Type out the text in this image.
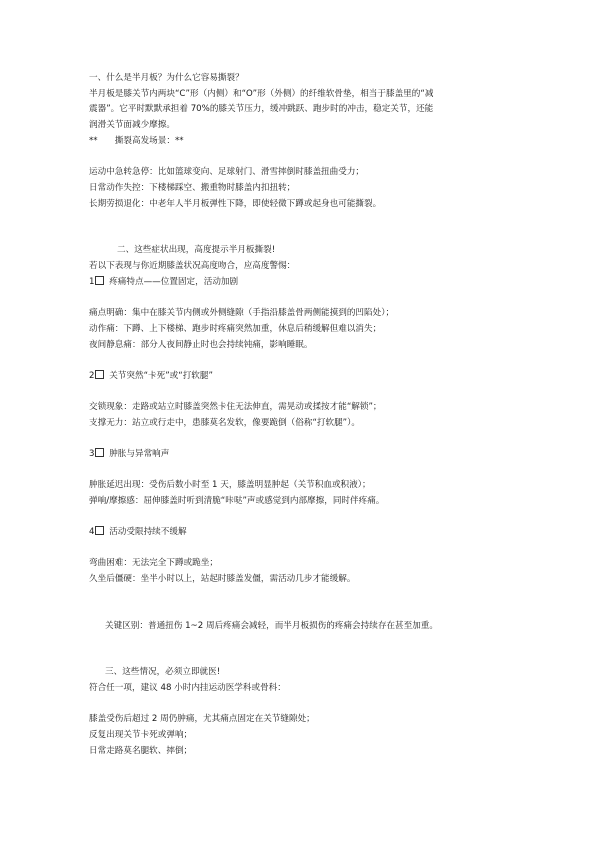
一、什么是半月板？为什么它容易撕裂？

半月板是膝关节内两块“C”形（内侧）和“O”形（外侧）的纤维软骨垫，相当于膝盖里的“减

震器”。它平时默默承担着 70%的膝关节压力，缓冲跳跃、跑步时的冲击，稳定关节，还能

润滑关节面减少摩擦。

**　　撕裂高发场景：**

运动中急转急停：比如篮球变向、足球射门、滑雪摔倒时膝盖扭曲受力；

日常动作失控：下楼梯踩空、搬重物时膝盖内扣扭转；

长期劳损退化：中老年人半月板弹性下降，即使轻微下蹲或起身也可能撕裂。

二、这些症状出现，高度提示半月板撕裂!

若以下表现与你近期膝盖状况高度吻合，应高度警惕：

1 疼痛特点——位置固定，活动加剧

痛点明确：集中在膝关节内侧或外侧缝隙（手指沿膝盖骨两侧能摸到的凹陷处）；

动作痛：下蹲、上下楼梯、跑步时疼痛突然加重，休息后稍缓解但难以消失；

夜间静息痛：部分人夜间静止时也会持续钝痛，影响睡眠。

2 关节突然“卡死”或“打软腿”

交锁现象：走路或站立时膝盖突然卡住无法伸直，需晃动或揉按才能“解锁”；

支撑无力：站立或行走中，患膝莫名发软，像要跪倒（俗称“打软腿”）。

3 肿胀与异常响声

肿胀延迟出现：受伤后数小时至 1 天，膝盖明显肿起（关节积血或积液）；

弹响/摩擦感：屈伸膝盖时听到清脆“咔哒”声或感觉到内部摩擦，同时伴疼痛。

4 活动受限持续不缓解

弯曲困难：无法完全下蹲或跪坐；

久坐后僵硬：坐半小时以上，站起时膝盖发僵，需活动几步才能缓解。

关键区别：普通扭伤 1~2 周后疼痛会减轻，而半月板损伤的疼痛会持续存在甚至加重。

三、这些情况，必须立即就医!

符合任一项，建议 48 小时内挂运动医学科或骨科：

膝盖受伤后超过 2 周仍肿痛，尤其痛点固定在关节缝隙处；

反复出现关节卡死或弹响；

日常走路莫名腿软、摔倒；
